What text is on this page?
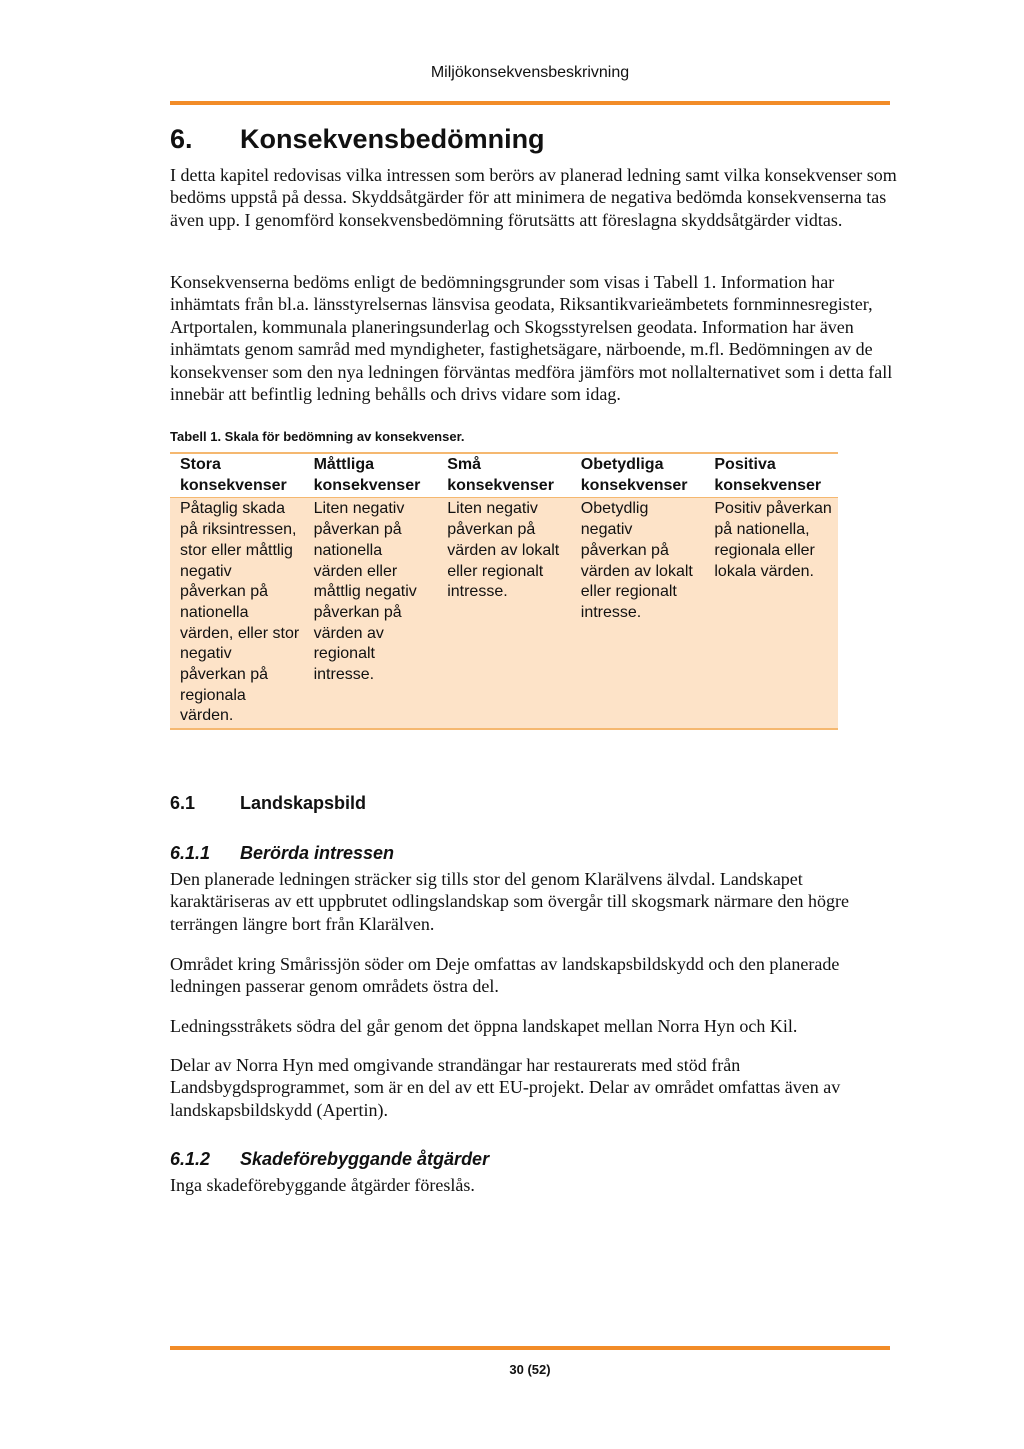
Miljökonsekvensbeskrivning
6. Konsekvensbedömning

I detta kapitel redovisas vilka intressen som berörs av planerad ledning samt vilka konsekvenser som bedöms uppstå på dessa. Skyddsåtgärder för att minimera de negativa bedömda konsekvenserna tas även upp. I genomförd konsekvensbedömning förutsätts att föreslagna skyddsåtgärder vidtas.

Konsekvenserna bedöms enligt de bedömningsgrunder som visas i Tabell 1. Information har inhämtats från bl.a. länsstyrelsernas länsvisa geodata, Riksantikvarieämbetets fornminnesregister, Artportalen, kommunala planeringsunderlag och Skogsstyrelsen geodata. Information har även inhämtats genom samråd med myndigheter, fastighetsägare, närboende, m.fl. Bedömningen av de konsekvenser som den nya ledningen förväntas medföra jämförs mot nollalternativet som i detta fall innebär att befintlig ledning behålls och drivs vidare som idag.

Tabell 1. Skala för bedömning av konsekvenser.
Stora konsekvenser	Måttliga konsekvenser	Små konsekvenser	Obetydliga konsekvenser	Positiva konsekvenser
Påtaglig skada på riksintressen, stor eller måttlig negativ påverkan på nationella värden, eller stor negativ påverkan på regionala värden.	Liten negativ påverkan på nationella värden eller måttlig negativ påverkan på värden av regionalt intresse.	Liten negativ påverkan på värden av lokalt eller regionalt intresse.	Obetydlig negativ påverkan på värden av lokalt eller regionalt intresse.	Positiv påverkan på nationella, regionala eller lokala värden.
6.1 Landskapsbild
6.1.1 Berörda intressen

Den planerade ledningen sträcker sig tills stor del genom Klarälvens älvdal. Landskapet karaktäriseras av ett uppbrutet odlingslandskap som övergår till skogsmark närmare den högre terrängen längre bort från Klarälven.

Området kring Smårissjön söder om Deje omfattas av landskapsbildskydd och den planerade ledningen passerar genom områdets östra del.

Ledningsstråkets södra del går genom det öppna landskapet mellan Norra Hyn och Kil.

Delar av Norra Hyn med omgivande strandängar har restaurerats med stöd från Landsbygdsprogrammet, som är en del av ett EU-projekt. Delar av området omfattas även av landskapsbildskydd (Apertin).

6.1.2 Skadeförebyggande åtgärder

Inga skadeförebyggande åtgärder föreslås.

30 (52)
